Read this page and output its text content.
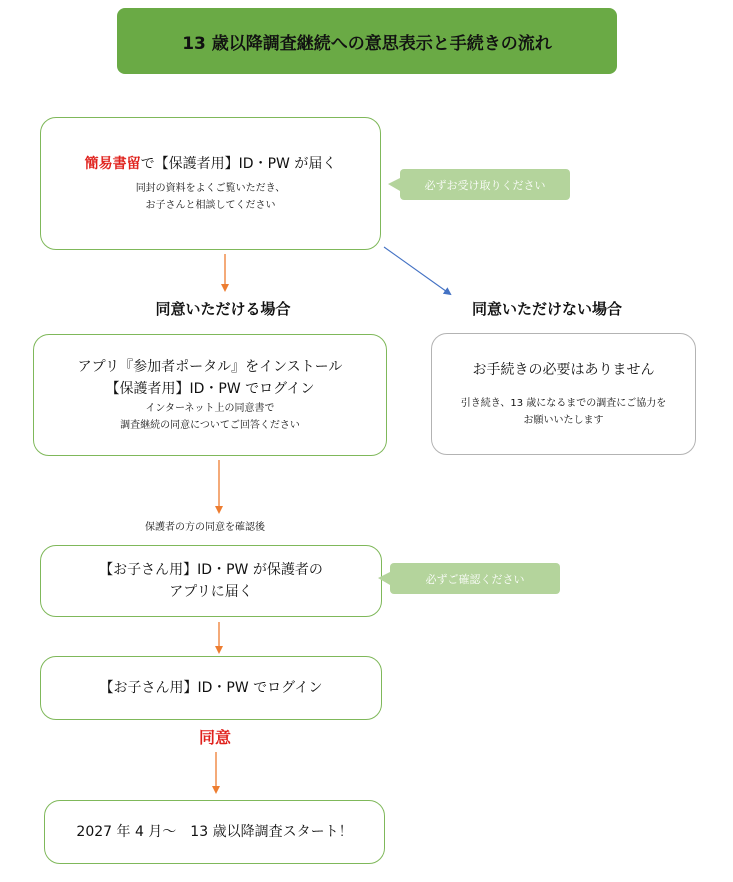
13 歳以降調査継続への意思表示と手続きの流れ
簡易書留で【保護者用】ID・PW が届く
同封の資料をよくご覧いただき、
お子さんと相談してください
必ずお受け取りください
同意いただける場合	同意いただけない場合
アプリ『参加者ポータル』をインストール
【保護者用】ID・PW でログイン
インターネット上の同意書で
調査継続の同意についてご回答ください
お手続きの必要はありません
引き続き、13 歳になるまでの調査にご協力を
お願いいたします
保護者の方の同意を確認後
【お子さん用】ID・PW が保護者の
アプリに届く
必ずご確認ください
【お子さん用】ID・PW でログイン
同意
2027 年 4 月～　13 歳以降調査スタート！
